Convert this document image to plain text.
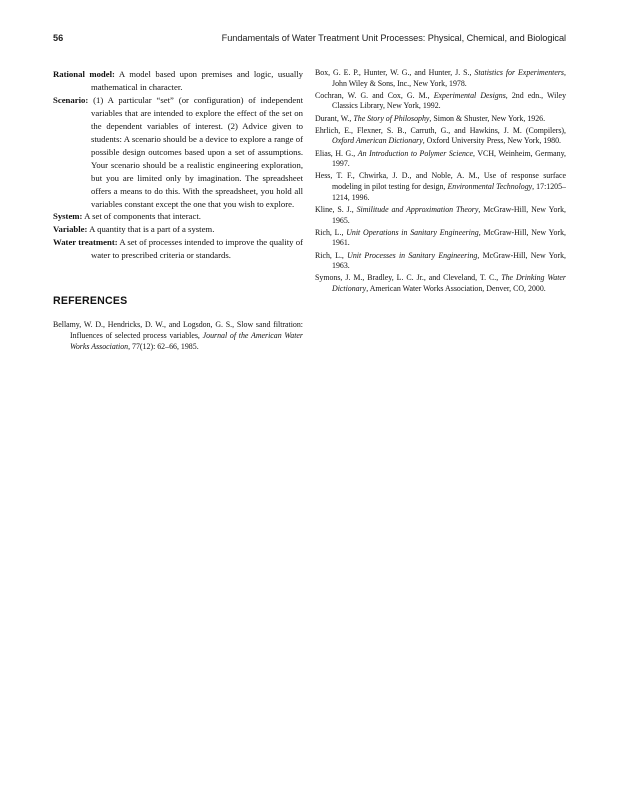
56	Fundamentals of Water Treatment Unit Processes: Physical, Chemical, and Biological

Rational model: A model based upon premises and logic, usually mathematical in character.

Scenario: (1) A particular “set” (or configuration) of independent variables that are intended to explore the effect of the set on the dependent variables of interest. (2) Advice given to students: A scenario should be a device to explore a range of possible design outcomes based upon a set of assumptions. Your scenario should be a realistic engineering exploration, but you are limited only by imagination. The spreadsheet offers a means to do this. With the spreadsheet, you hold all variables constant except the one that you wish to explore.

System: A set of components that interact.

Variable: A quantity that is a part of a system.

Water treatment: A set of processes intended to improve the quality of water to prescribed criteria or standards.

REFERENCES

Bellamy, W. D., Hendricks, D. W., and Logsdon, G. S., Slow sand filtration: Influences of selected process variables, Journal of the American Water Works Association, 77(12): 62–66, 1985.

Box, G. E. P., Hunter, W. G., and Hunter, J. S., Statistics for Experimenters, John Wiley & Sons, Inc., New York, 1978.

Cochran, W. G. and Cox, G. M., Experimental Designs, 2nd edn., Wiley Classics Library, New York, 1992.

Durant, W., The Story of Philosophy, Simon & Shuster, New York, 1926.

Ehrlich, E., Flexner, S. B., Carruth, G., and Hawkins, J. M. (Compilers), Oxford American Dictionary, Oxford University Press, New York, 1980.

Elias, H. G., An Introduction to Polymer Science, VCH, Weinheim, Germany, 1997.

Hess, T. F., Chwirka, J. D., and Noble, A. M., Use of response surface modeling in pilot testing for design, Environmental Technology, 17:1205–1214, 1996.

Kline, S. J., Similitude and Approximation Theory, McGraw-Hill, New York, 1965.

Rich, L., Unit Operations in Sanitary Engineering, McGraw-Hill, New York, 1961.

Rich, L., Unit Processes in Sanitary Engineering, McGraw-Hill, New York, 1963.

Symons, J. M., Bradley, L. C. Jr., and Cleveland, T. C., The Drinking Water Dictionary, American Water Works Association, Denver, CO, 2000.
